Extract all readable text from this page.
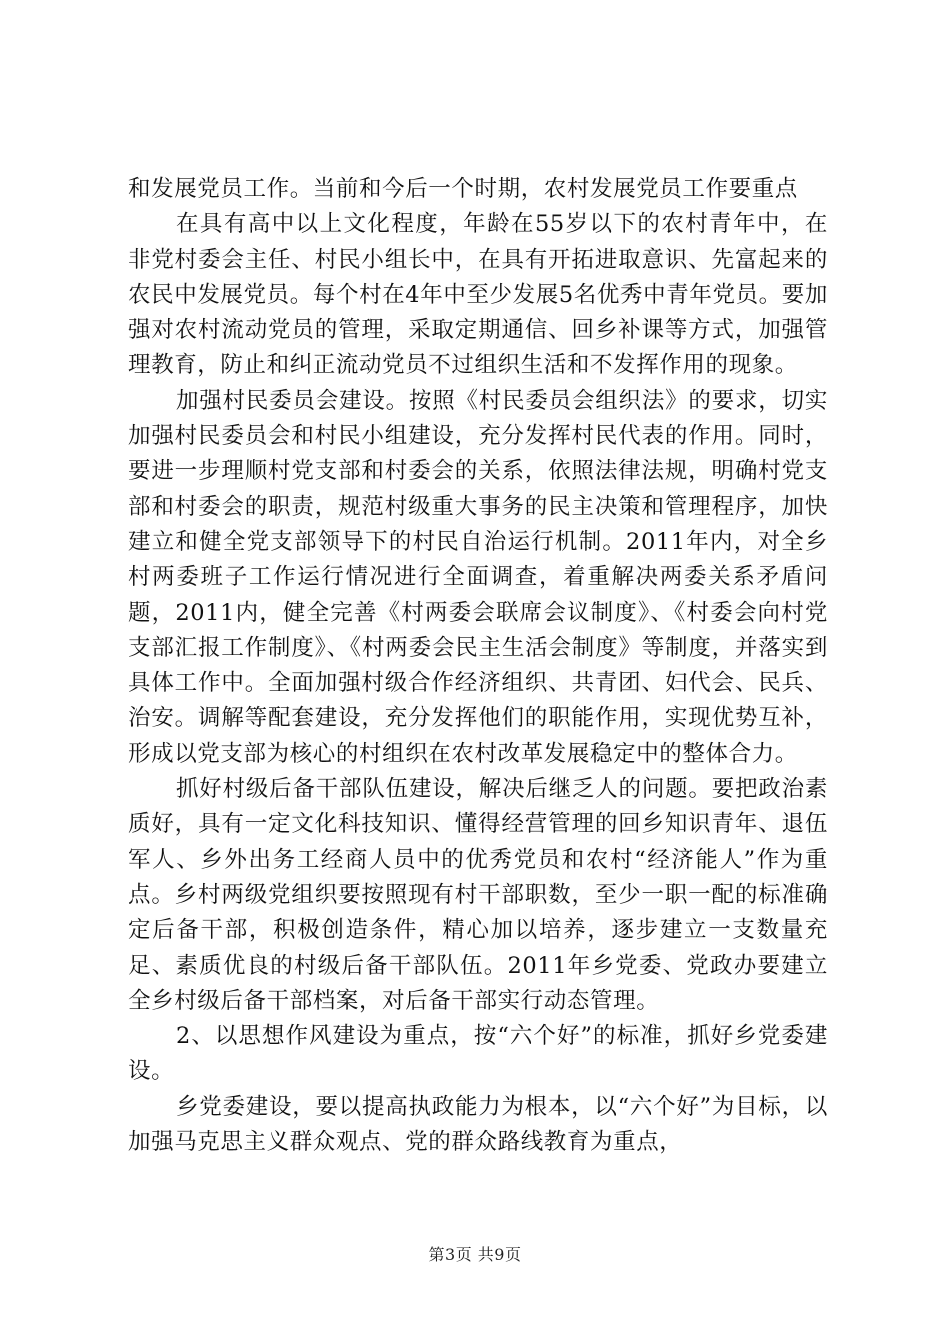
和发展党员工作。当前和今后一个时期，农村发展党员工作要重点

在具有高中以上文化程度，年龄在55岁以下的农村青年中，在非党村委会主任、村民小组长中，在具有开拓进取意识、先富起来的农民中发展党员。每个村在4年中至少发展5名优秀中青年党员。要加强对农村流动党员的管理，采取定期通信、回乡补课等方式，加强管理教育，防止和纠正流动党员不过组织生活和不发挥作用的现象。

加强村民委员会建设。按照《村民委员会组织法》的要求，切实加强村民委员会和村民小组建设，充分发挥村民代表的作用。同时，要进一步理顺村党支部和村委会的关系，依照法律法规，明确村党支部和村委会的职责，规范村级重大事务的民主决策和管理程序，加快建立和健全党支部领导下的村民自治运行机制。2011年内，对全乡村两委班子工作运行情况进行全面调查，着重解决两委关系矛盾问题，2011内，健全完善《村两委会联席会议制度》、《村委会向村党支部汇报工作制度》、《村两委会民主生活会制度》等制度，并落实到具体工作中。全面加强村级合作经济组织、共青团、妇代会、民兵、治安。调解等配套建设，充分发挥他们的职能作用，实现优势互补，形成以党支部为核心的村组织在农村改革发展稳定中的整体合力。

抓好村级后备干部队伍建设，解决后继乏人的问题。要把政治素质好，具有一定文化科技知识、懂得经营管理的回乡知识青年、退伍军人、乡外出务工经商人员中的优秀党员和农村“经济能人”作为重点。乡村两级党组织要按照现有村干部职数，至少一职一配的标准确定后备干部，积极创造条件，精心加以培养，逐步建立一支数量充足、素质优良的村级后备干部队伍。2011年乡党委、党政办要建立全乡村级后备干部档案，对后备干部实行动态管理。

2、以思想作风建设为重点，按“六个好”的标准，抓好乡党委建设。

乡党委建设，要以提高执政能力为根本，以“六个好”为目标，以加强马克思主义群众观点、党的群众路线教育为重点，

第3页 共9页
